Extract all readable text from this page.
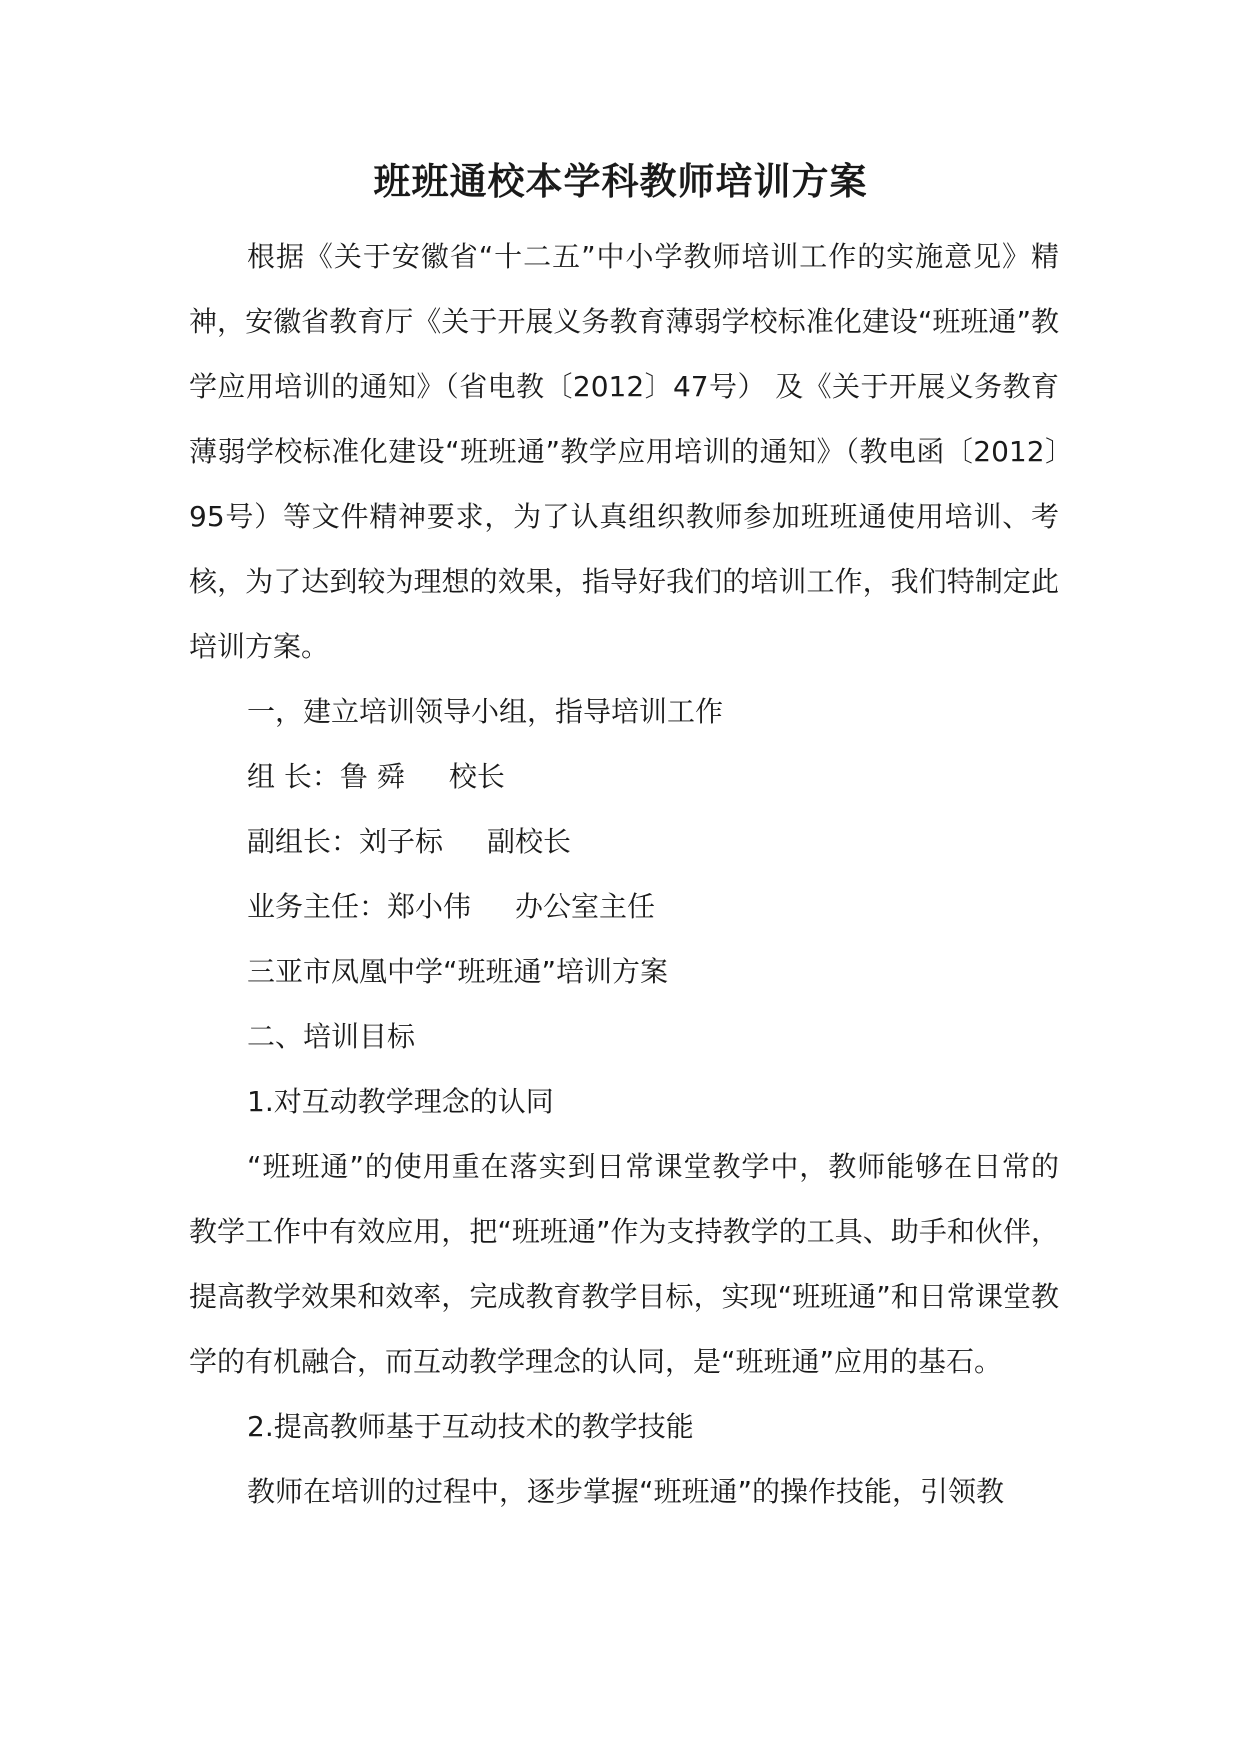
班班通校本学科教师培训方案

根据《关于安徽省“十二五”中小学教师培训工作的实施意见》精神，安徽省教育厅《关于开展义务教育薄弱学校标准化建设“班班通”教学应用培训的通知》（省电教〔2012〕47号） 及《关于开展义务教育薄弱学校标准化建设“班班通”教学应用培训的通知》（教电函〔2012〕95号）等文件精神要求，为了认真组织教师参加班班通使用培训、考核，为了达到较为理想的效果，指导好我们的培训工作，我们特制定此培训方案。

一，建立培训领导小组，指导培训工作

组 长：鲁 舜 校长

副组长：刘子标 副校长

业务主任：郑小伟 办公室主任

三亚市凤凰中学“班班通”培训方案

二、培训目标

1.对互动教学理念的认同

“班班通”的使用重在落实到日常课堂教学中，教师能够在日常的教学工作中有效应用，把“班班通”作为支持教学的工具、助手和伙伴，提高教学效果和效率，完成教育教学目标，实现“班班通”和日常课堂教学的有机融合，而互动教学理念的认同，是“班班通”应用的基石。

2.提高教师基于互动技术的教学技能

教师在培训的过程中，逐步掌握“班班通”的操作技能，引领教
